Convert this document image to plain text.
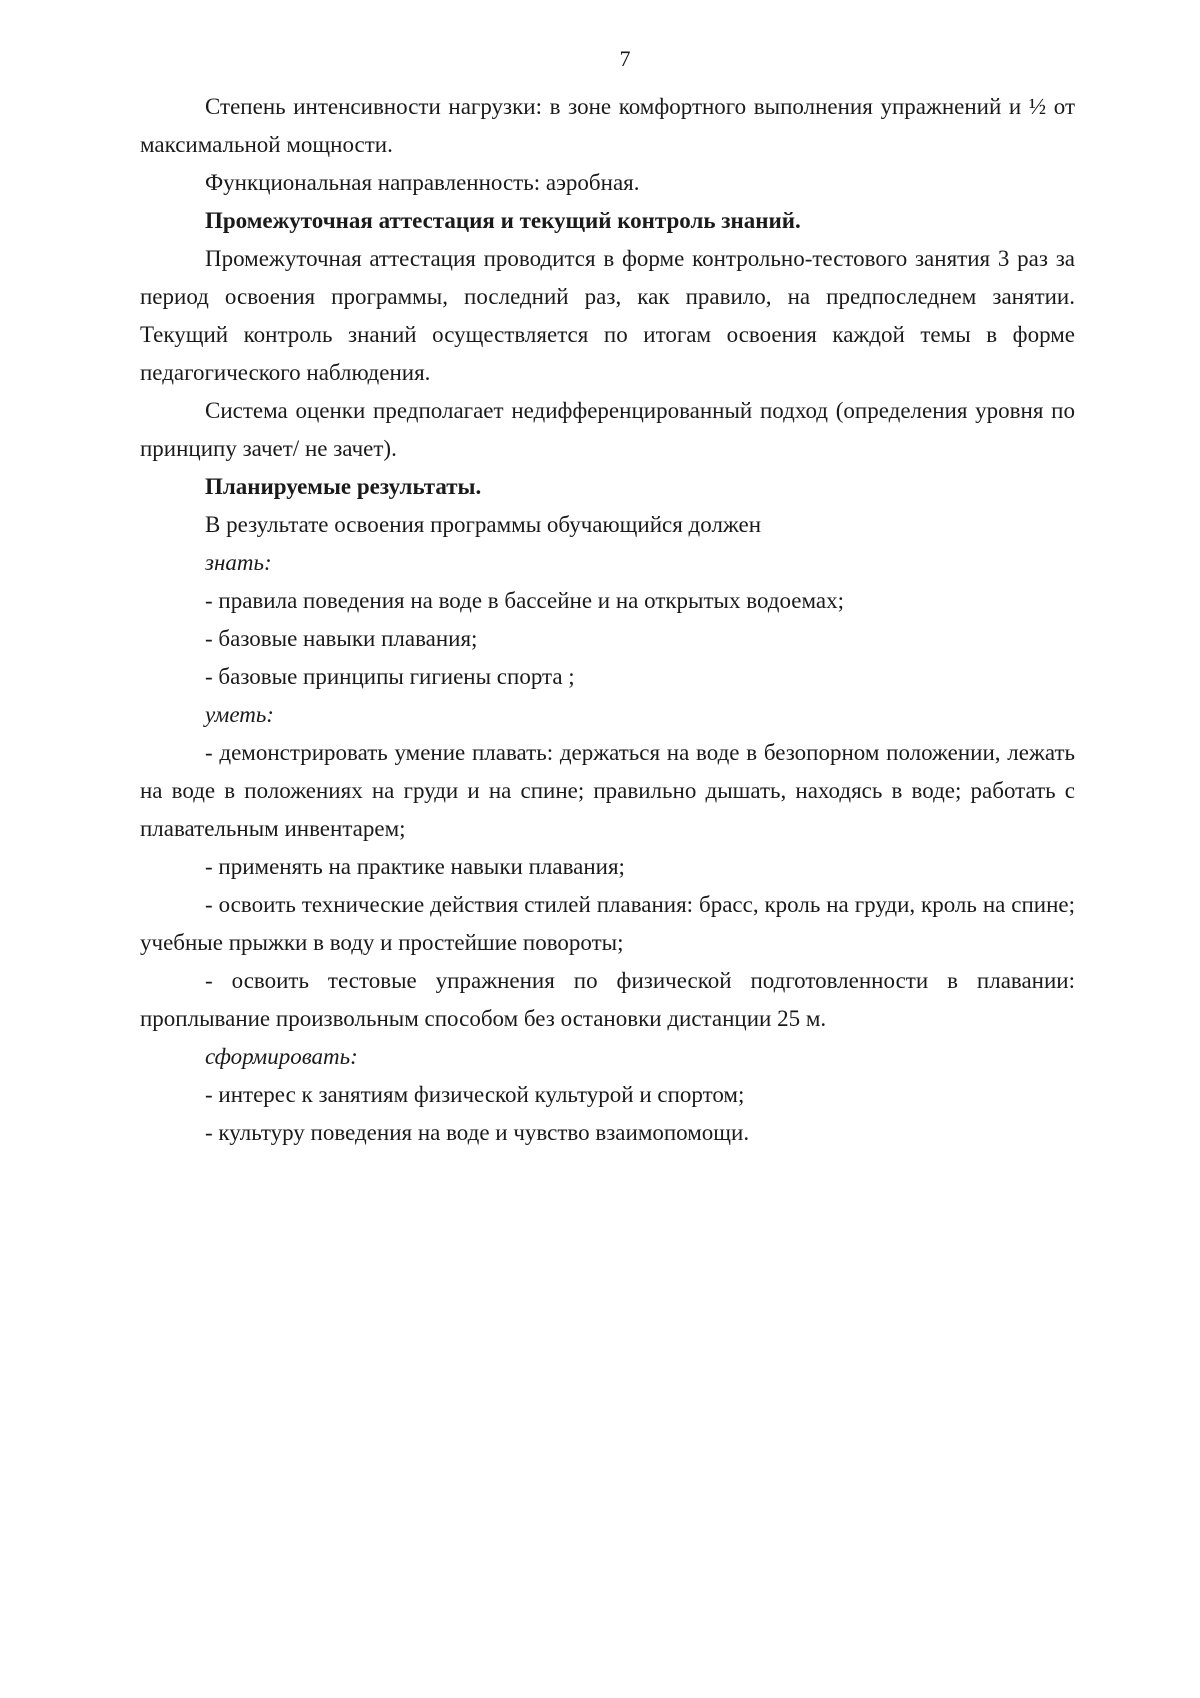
7

Степень интенсивности нагрузки: в зоне комфортного выполнения упражнений и ½ от максимальной мощности.

Функциональная направленность: аэробная.

Промежуточная аттестация и текущий контроль знаний.

Промежуточная аттестация проводится в форме контрольно-тестового занятия 3 раз за период освоения программы, последний раз, как правило, на предпоследнем занятии. Текущий контроль знаний осуществляется по итогам освоения каждой темы в форме педагогического наблюдения.

Система оценки предполагает недифференцированный подход (определения уровня по принципу зачет/ не зачет).

Планируемые результаты.

В результате освоения программы обучающийся должен

знать:

- правила поведения на воде в бассейне и на открытых водоемах;

- базовые навыки плавания;

- базовые принципы гигиены спорта ;

уметь:

- демонстрировать умение плавать: держаться на воде в безопорном положении, лежать на воде в положениях на груди и на спине; правильно дышать, находясь в воде; работать с плавательным инвентарем;

- применять на практике навыки плавания;

- освоить технические действия стилей плавания: брасс, кроль на груди, кроль на спине; учебные прыжки в воду и простейшие повороты;

- освоить тестовые упражнения по физической подготовленности в плавании: проплывание произвольным способом без остановки дистанции 25 м.

сформировать:

- интерес к занятиям физической культурой и спортом;

- культуру поведения на воде и чувство взаимопомощи.
